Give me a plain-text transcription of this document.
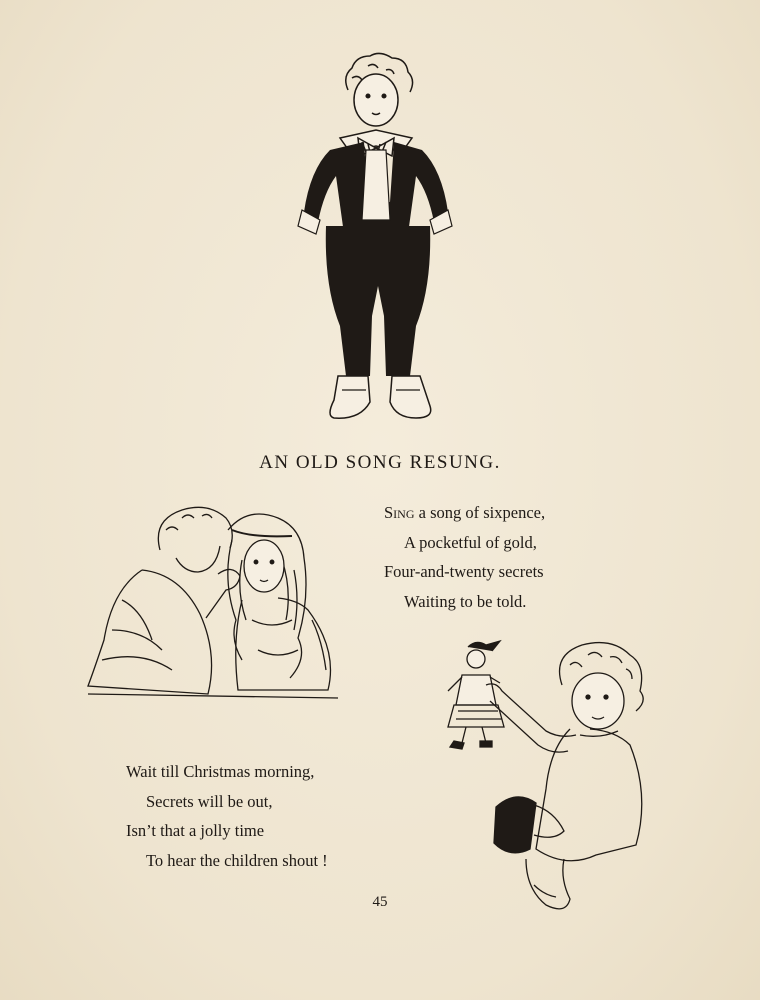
AN OLD SONG RESUNG.
Sing a song of sixpence,
A pocketful of gold,
Four-and-twenty secrets
Waiting to be told.
Wait till Christmas morning,
Secrets will be out,
Isn’t that a jolly time
To hear the children shout !
45
